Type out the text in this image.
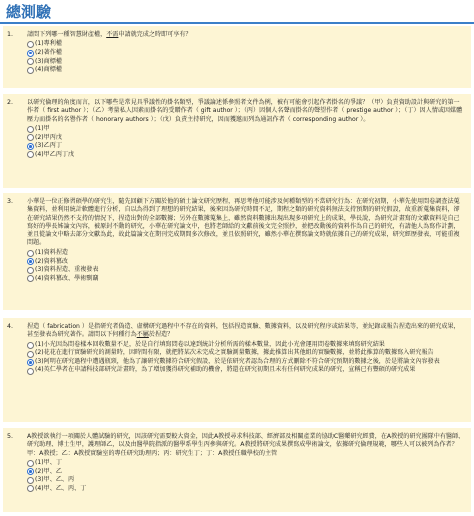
總測驗
1. 請問下列哪一種智慧財產權，不需申請就完成之時即可享有？

(1)專利權
(2)著作權
(3)商標權
(4)商標權
2. 以研究倫理的角度而言，以下哪些是常見具爭議性的掛名類型，爭議論述係參照者文件為例，被有可能會引起作者掛名的爭議？（甲）負責資助設計與研究的第一作者（ first author ）；（乙）考量私人因素而掛名的受贈作者（ gift author ）；（丙）因個人名聲而掛名的聲望作者（ prestige author ）；（丁）因人情或因媒體壓力而掛名的名譽作者（ honorary authors ）；（戊）負責主持研究，因而獲邀而列為通訊作者（ corresponding author ）。

(1)甲
(2)甲丙戊
(3)乙丙丁
(4)甲乙丙丁戊
3. 小華是一位正修習碩學的研究生，隨先回顧下方關於他的碩士論文研究歷程，再思考他可能涉及何種類型的不當研究行為：在研究初期，小華先使用問卷調查法蒐集資料，並利用統計軟體進行分析，自以為得到了理想的研究結果，後來因為研究時間不足，期程之類的研究資料無法支持預期的研究假設，故重新蒐集資料，卻在研究結果仍然不支持的情況下，捏造出對的全部數據；另外在數據蒐集上，雖然資料數據出現出現多項研究上的成果，學長說，為研究計畫寫的文獻資料是自己寫好的學長姊論文內容，被原封不動的研究，小華在研究論文中，也將老師給的文獻前後文完全照抄，並把改動後的資料作為自己的研究，有請他人為寫作計劃，並且從論文中略去部分文獻為此，故此篇論文在期刊完成期間多次修改，並且依照研究，雖然小華在撰寫論文時就依據自己的研究成果，研究經歷發表，可能重複問題。

(1)資料捏造
(2)資料篡改
(3)資料捏造、重複發表
(4)資料篡改、學術剽竊
4. 捏造（ fabrication ）是指研究者偽造、虛構研究過程中不存在的資料，包括捏造實驗、數據資料，以及研究程序或結果等，並紀錄或報告捏造出來的研究成果，甚至發表為研究著作。請問以下何種行為不屬於捏造？

(1)小光因為問卷樣本回收數量不足，於是自行填寫問卷以達到統計分析所需的樣本數量，因此小光會運用問卷數據來填寫研究結果
(2)花花在進行實驗研究的測量時，因時間有限，就把將某次未完成之實驗測量數據，據此推算出其他組的實驗數據，並將此推算的數據寫入研究報告
(3)阿明在研究過程中遭遇瓶頸，他為了讓研究數據符合研究假設，於是依研究者認為合理的方式刪除不符合研究預期的數據之後，於是將論文內容發表
(4)英仁學者在申請科技部研究計畫時，為了增加獲得研究補助的機會，將還在研究初期且未有任何研究成果的研究，宣稱已有豐碩的研究成果
5. A教授欲執行一項關於人體試驗的研究，因該研究需要較大資金，因此A教授尋求科技部、經濟部及相關產業的協助C醫藥研究經費，在A教授的研究團隊中有醫師、研究助理、博士生甲，護理師乙，以及由醫學院指派的醫學系學生丙參與研究。A教授將研究成果撰寫成學術論文，依據研究倫理規範，哪些人可以被列為作者？甲：A教授；乙：A教授實驗室的專任研究助理丙；丙：研究生丁；丁：A教授任職學校的主管

(1)甲、丁
(2)甲、乙
(3)甲、乙、丙
(4)甲、乙、丙、丁
